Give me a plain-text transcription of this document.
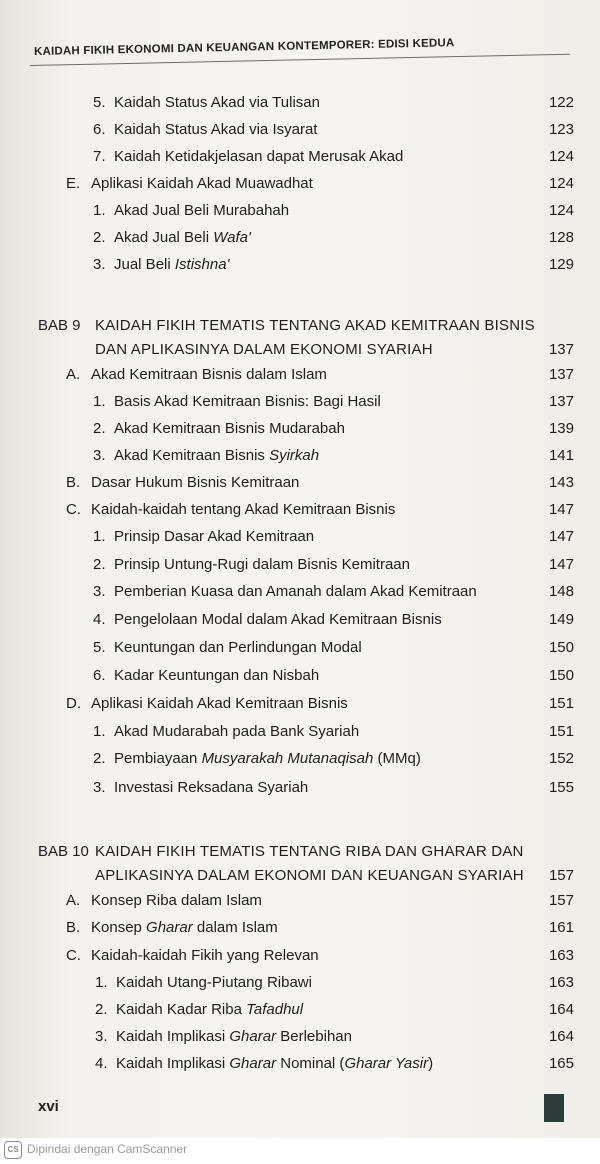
KAIDAH FIKIH EKONOMI DAN KEUANGAN KONTEMPORER: EDISI KEDUA
5. Kaidah Status Akad via Tulisan	122
6. Kaidah Status Akad via Isyarat	123
7. Kaidah Ketidakjelasan dapat Merusak Akad	124
E. Aplikasi Kaidah Akad Muawadhat	124
1. Akad Jual Beli Murabahah	124
2. Akad Jual Beli Wafa'	128
3. Jual Beli Istishna'	129
BAB 9 KAIDAH FIKIH TEMATIS TENTANG AKAD KEMITRAAN BISNIS DAN APLIKASINYA DALAM EKONOMI SYARIAH	137
A. Akad Kemitraan Bisnis dalam Islam	137
1. Basis Akad Kemitraan Bisnis: Bagi Hasil	137
2. Akad Kemitraan Bisnis Mudarabah	139
3. Akad Kemitraan Bisnis Syirkah	141
B. Dasar Hukum Bisnis Kemitraan	143
C. Kaidah-kaidah tentang Akad Kemitraan Bisnis	147
1. Prinsip Dasar Akad Kemitraan	147
2. Prinsip Untung-Rugi dalam Bisnis Kemitraan	147
3. Pemberian Kuasa dan Amanah dalam Akad Kemitraan	148
4. Pengelolaan Modal dalam Akad Kemitraan Bisnis	149
5. Keuntungan dan Perlindungan Modal	150
6. Kadar Keuntungan dan Nisbah	150
D. Aplikasi Kaidah Akad Kemitraan Bisnis	151
1. Akad Mudarabah pada Bank Syariah	151
2. Pembiayaan Musyarakah Mutanaqisah (MMq)	152
3. Investasi Reksadana Syariah	155
BAB 10 KAIDAH FIKIH TEMATIS TENTANG RIBA DAN GHARAR DAN APLIKASINYA DALAM EKONOMI DAN KEUANGAN SYARIAH	157
A. Konsep Riba dalam Islam	157
B. Konsep Gharar dalam Islam	161
C. Kaidah-kaidah Fikih yang Relevan	163
1. Kaidah Utang-Piutang Ribawi	163
2. Kaidah Kadar Riba Tafadhul	164
3. Kaidah Implikasi Gharar Berlebihan	164
4. Kaidah Implikasi Gharar Nominal (Gharar Yasir)	165
xvi
CS Dipindai dengan CamScanner
